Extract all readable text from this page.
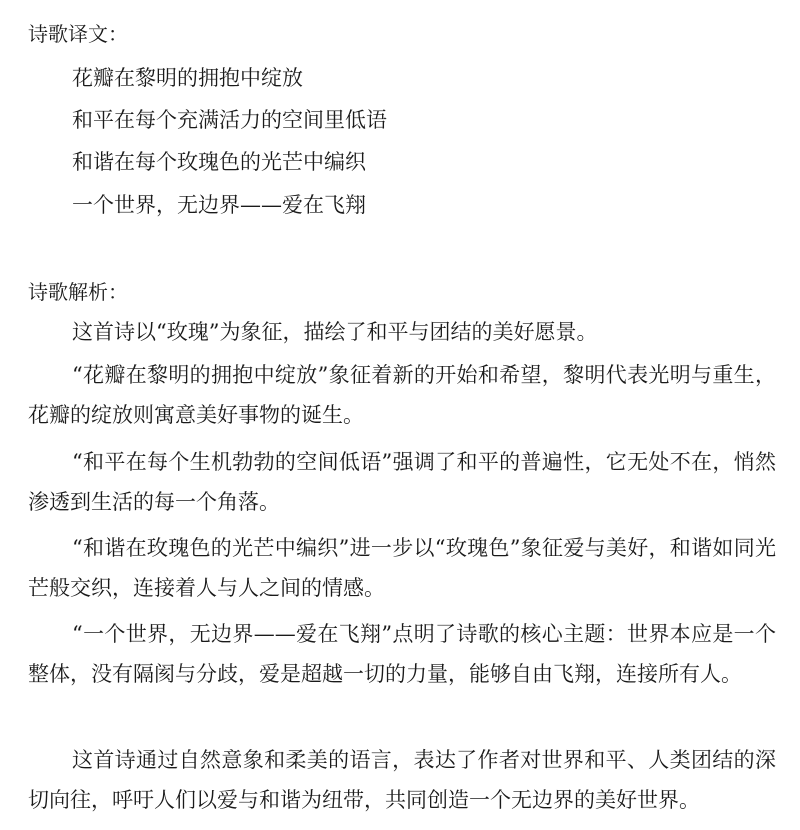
诗歌译文：
花瓣在黎明的拥抱中绽放
和平在每个充满活力的空间里低语
和谐在每个玫瑰色的光芒中编织
一个世界，无边界——爱在飞翔
诗歌解析：

这首诗以“玫瑰”为象征，描绘了和平与团结的美好愿景。

“花瓣在黎明的拥抱中绽放”象征着新的开始和希望，黎明代表光明与重生，花瓣的绽放则寓意美好事物的诞生。

“和平在每个生机勃勃的空间低语”强调了和平的普遍性，它无处不在，悄然渗透到生活的每一个角落。

“和谐在玫瑰色的光芒中编织”进一步以“玫瑰色”象征爱与美好，和谐如同光芒般交织，连接着人与人之间的情感。

“一个世界，无边界——爱在飞翔”点明了诗歌的核心主题：世界本应是一个整体，没有隔阂与分歧，爱是超越一切的力量，能够自由飞翔，连接所有人。

这首诗通过自然意象和柔美的语言，表达了作者对世界和平、人类团结的深切向往，呼吁人们以爱与和谐为纽带，共同创造一个无边界的美好世界。
